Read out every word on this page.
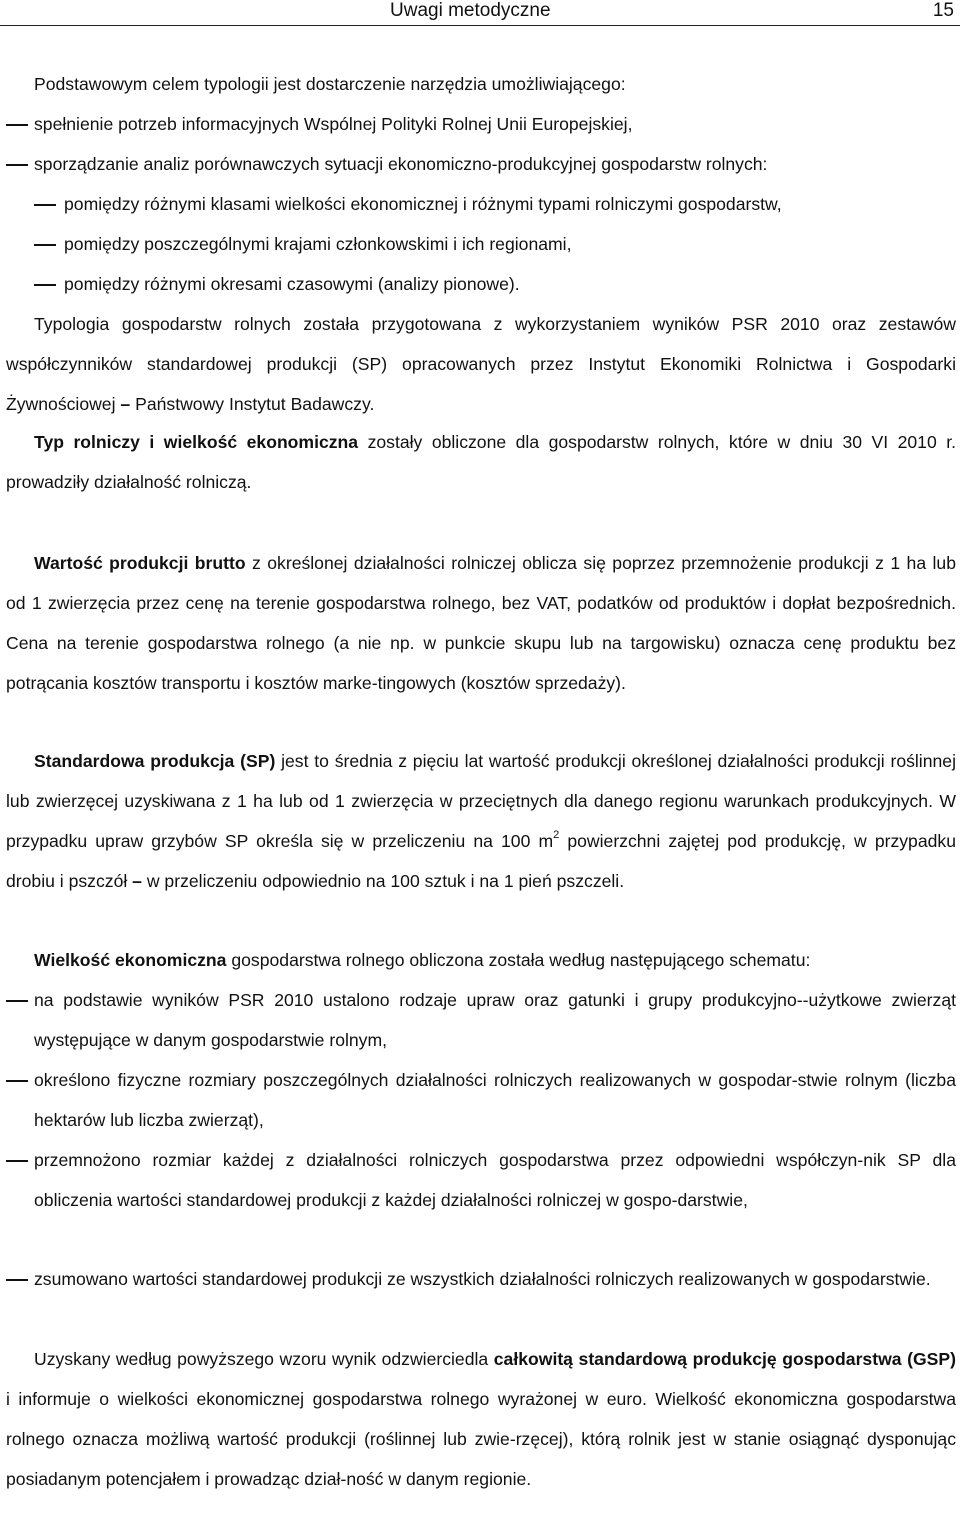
Uwagi metodyczne	15
Podstawowym celem typologii jest dostarczenie narzędzia umożliwiającego:
spełnienie potrzeb informacyjnych Wspólnej Polityki Rolnej Unii Europejskiej,
sporządzanie analiz porównawczych sytuacji ekonomiczno-produkcyjnej gospodarstw rolnych:
pomiędzy różnymi klasami wielkości ekonomicznej i różnymi typami rolniczymi gospodarstw,
pomiędzy poszczególnymi krajami członkowskimi i ich regionami,
pomiędzy różnymi okresami czasowymi (analizy pionowe).
Typologia gospodarstw rolnych została przygotowana z wykorzystaniem wyników PSR 2010 oraz zestawów współczynników standardowej produkcji (SP) opracowanych przez Instytut Ekonomiki Rolnictwa i Gospodarki Żywnościowej – Państwowy Instytut Badawczy.
Typ rolniczy i wielkość ekonomiczna zostały obliczone dla gospodarstw rolnych, które w dniu 30 VI 2010 r. prowadziły działalność rolniczą.
Wartość produkcji brutto z określonej działalności rolniczej oblicza się poprzez przemnożenie produkcji z 1 ha lub od 1 zwierzęcia przez cenę na terenie gospodarstwa rolnego, bez VAT, podatków od produktów i dopłat bezpośrednich. Cena na terenie gospodarstwa rolnego (a nie np. w punkcie skupu lub na targowisku) oznacza cenę produktu bez potrącania kosztów transportu i kosztów marke-tingowych (kosztów sprzedaży).
Standardowa produkcja (SP) jest to średnia z pięciu lat wartość produkcji określonej działalności produkcji roślinnej lub zwierzęcej uzyskiwana z 1 ha lub od 1 zwierzęcia w przeciętnych dla danego regionu warunkach produkcyjnych. W przypadku upraw grzybów SP określa się w przeliczeniu na 100 $m^2$ powierzchni zajętej pod produkcję, w przypadku drobiu i pszczół – w przeliczeniu odpowiednio na 100 sztuk i na 1 pień pszczeli.
Wielkość ekonomiczna gospodarstwa rolnego obliczona została według następującego schematu:
na podstawie wyników PSR 2010 ustalono rodzaje upraw oraz gatunki i grupy produkcyjno--użytkowe zwierząt występujące w danym gospodarstwie rolnym,
określono fizyczne rozmiary poszczególnych działalności rolniczych realizowanych w gospodar-stwie rolnym (liczba hektarów lub liczba zwierząt),
przemnożono rozmiar każdej z działalności rolniczych gospodarstwa przez odpowiedni współczyn-nik SP dla obliczenia wartości standardowej produkcji z każdej działalności rolniczej w gospo-darstwie,
zsumowano wartości standardowej produkcji ze wszystkich działalności rolniczych realizowanych w gospodarstwie.
Uzyskany według powyższego wzoru wynik odzwierciedla całkowitą standardową produkcję gospodarstwa (GSP) i informuje o wielkości ekonomicznej gospodarstwa rolnego wyrażonej w euro. Wielkość ekonomiczna gospodarstwa rolnego oznacza możliwą wartość produkcji (roślinnej lub zwie-rzęcej), którą rolnik jest w stanie osiągnąć dysponując posiadanym potencjałem i prowadząc dział-ność w danym regionie.
